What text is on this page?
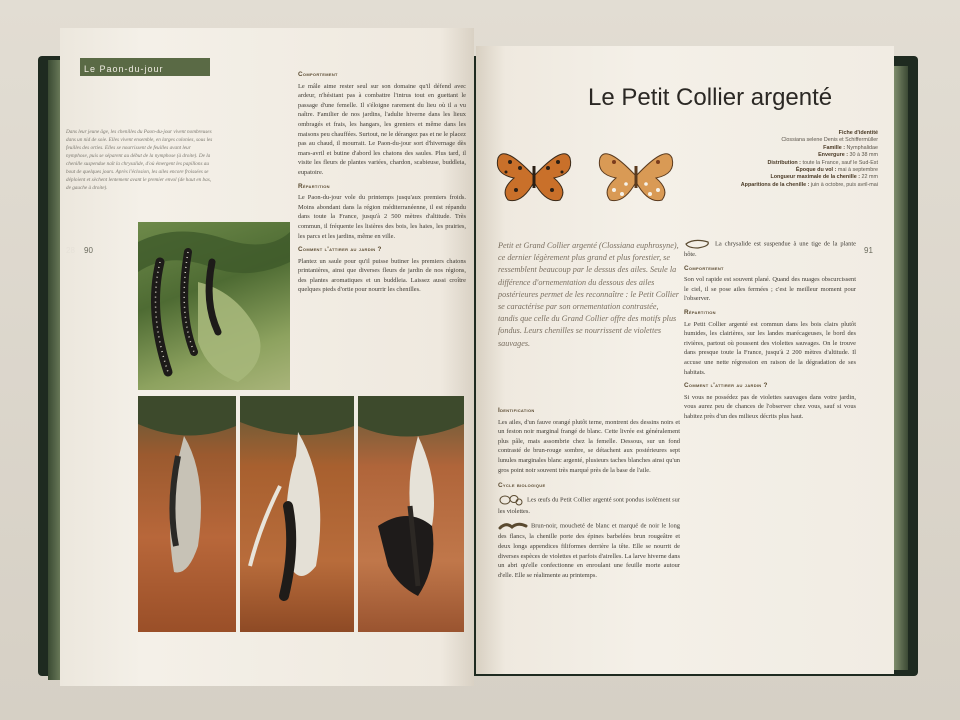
Le Paon-du-jour
90
Dans leur jeune âge, les chenilles du Paon-du-jour vivent nombreuses dans un nid de soie. Elles vivent ensemble, en larges colonies, sous les feuilles des orties. Elles se nourrissent de feuilles avant leur nymphose, puis se séparent au début de la nymphose (à droite). De la chenille suspendue naît la chrysalide, d'où émergent les papillons au bout de quelques jours. Après l'éclosion, les ailes encore froissées se déploient et sèchent lentement avant le premier envol (de haut en bas, de gauche à droite).
Comportement

Le mâle aime rester seul sur son domaine qu'il défend avec ardeur, n'hésitant pas à combattre l'intrus tout en guettant le passage d'une femelle. Il s'éloigne rarement du lieu où il a vu naître. Familier de nos jardins, l'adulte hiverne dans les lieux ombragés et frais, les hangars, les greniers et même dans les maisons peu chauffées. Surtout, ne le dérangez pas et ne le placez pas au chaud, il mourrait. Le Paon-du-jour sort d'hivernage dès mars-avril et butine d'abord les chatons des saules. Plus tard, il visite les fleurs de plantes variées, chardon, scabieuse, buddleia, eupatoire.

Répartition

Le Paon-du-jour vole du printemps jusqu'aux premiers froids. Moins abondant dans la région méditerranéenne, il est répandu dans toute la France, jusqu'à 2 500 mètres d'altitude. Très commun, il fréquente les lisières des bois, les haies, les prairies, les parcs et les jardins, même en ville.

Comment l'attirer au jardin ?

Plantez un saule pour qu'il puisse butiner les premiers chatons printanières, ainsi que diverses fleurs de jardin de nos régions, des plantes aromatiques et un buddleia. Laissez aussi croître quelques pieds d'ortie pour nourrir les chenilles.

28
Le Petit Collier argenté
91
Fiche d'identité
Clossiana selene Denis et Schiffermüller
Famille : Nymphalidae
Envergure : 30 à 38 mm
Distribution : toute la France, sauf le Sud-Est
Époque du vol : mai à septembre
Longueur maximale de la chenille : 22 mm
Apparitions de la chenille : juin à octobre, puis avril-mai
Petit et Grand Collier argenté (Clossiana euphrosyne), ce dernier légèrement plus grand et plus forestier, se ressemblent beaucoup par le dessus des ailes. Seule la différence d'ornementation du dessous des ailes postérieures permet de les reconnaître : le Petit Collier se caractérise par son ornementation contrastée, tandis que celle du Grand Collier offre des motifs plus fondus. Leurs chenilles se nourrissent de violettes sauvages.
Identification

Les ailes, d'un fauve orangé plutôt terne, montrent des dessins noirs et un feston noir marginal frangé de blanc. Cette livrée est généralement plus pâle, mais assombrie chez la femelle. Dessous, sur un fond contrasté de brun-rouge sombre, se détachent aux postérieures sept lunules marginales blanc argenté, plusieurs taches blanches ainsi qu'un gros point noir souvent très marqué près de la base de l'aile.

Cycle biologique

Les œufs du Petit Collier argenté sont pondus isolément sur les violettes.

Brun-noir, moucheté de blanc et marqué de noir le long des flancs, la chenille porte des épines barbelées brun rougeâtre et deux longs appendices filiformes derrière la tête. Elle se nourrit de diverses espèces de violettes et parfois d'airelles. La larve hiverne dans un abri qu'elle confectionne en enroulant une feuille morte autour d'elle. Elle se réalimente au printemps.

La chrysalide est suspendue à une tige de la plante hôte.

Comportement

Son vol rapide est souvent plané. Quand des nuages obscurcissent le ciel, il se pose ailes fermées ; c'est le meilleur moment pour l'observer.

Répartition

Le Petit Collier argenté est commun dans les bois clairs plutôt humides, les clairières, sur les landes marécageuses, le bord des rivières, partout où poussent des violettes sauvages. On le trouve dans presque toute la France, jusqu'à 2 200 mètres d'altitude. Il accuse une nette régression en raison de la dégradation de ses habitats.

Comment l'attirer au jardin ?

Si vous ne possédez pas de violettes sauvages dans votre jardin, vous aurez peu de chances de l'observer chez vous, sauf si vous habitez près d'un des milieux décrits plus haut.
